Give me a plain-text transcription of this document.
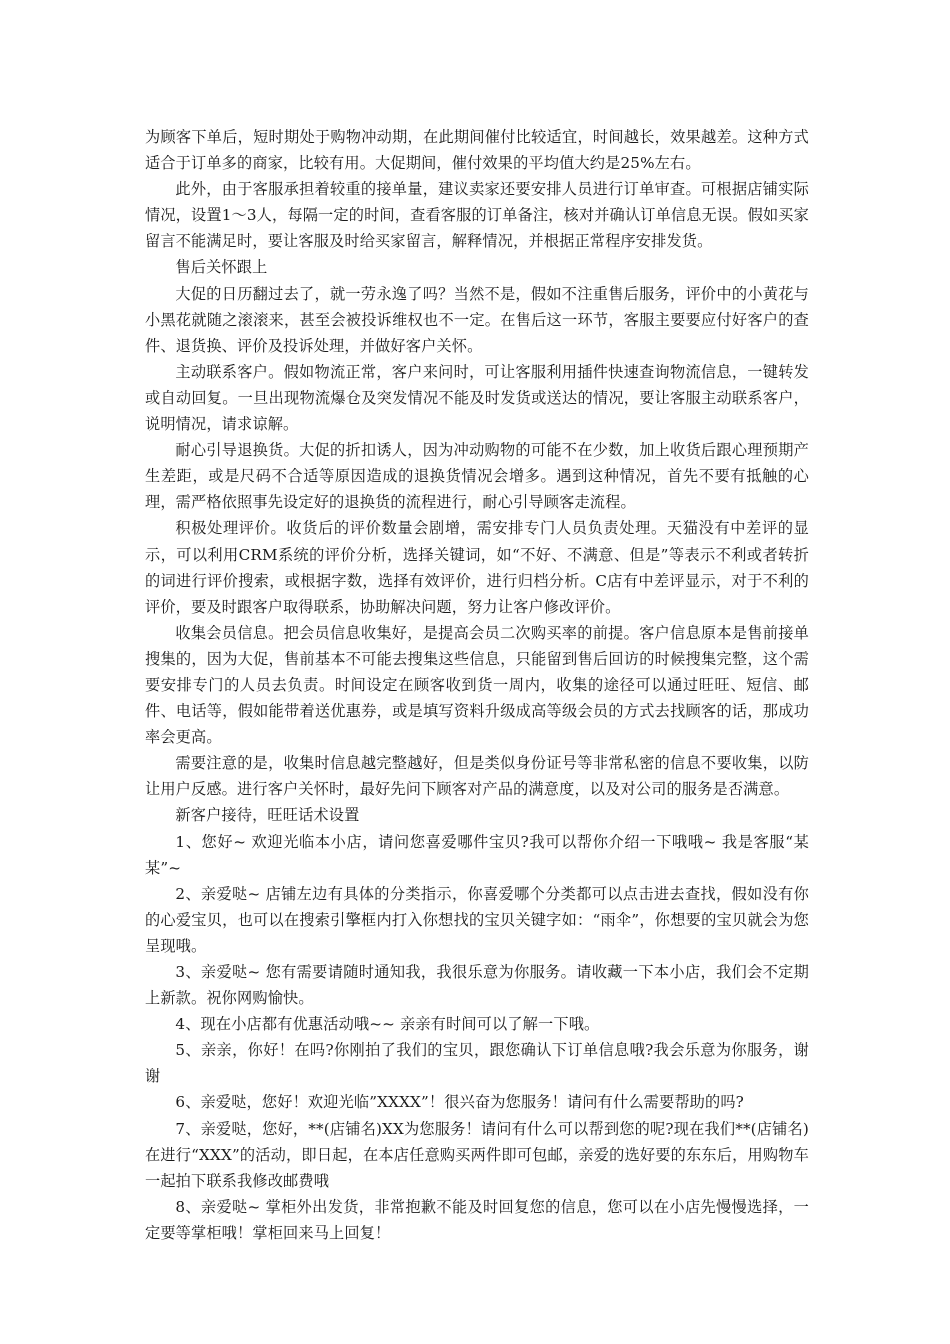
为顾客下单后，短时期处于购物冲动期，在此期间催付比较适宜，时间越长，效果越差。这种方式适合于订单多的商家，比较有用。大促期间，催付效果的平均值大约是25%左右。

此外，由于客服承担着较重的接单量，建议卖家还要安排人员进行订单审查。可根据店铺实际情况，设置1～3人，每隔一定的时间，查看客服的订单备注，核对并确认订单信息无误。假如买家留言不能满足时，要让客服及时给买家留言，解释情况，并根据正常程序安排发货。

售后关怀跟上

大促的日历翻过去了，就一劳永逸了吗？当然不是，假如不注重售后服务，评价中的小黄花与小黑花就随之滚滚来，甚至会被投诉维权也不一定。在售后这一环节，客服主要要应付好客户的查件、退货换、评价及投诉处理，并做好客户关怀。

主动联系客户。假如物流正常，客户来问时，可让客服利用插件快速查询物流信息，一键转发或自动回复。一旦出现物流爆仓及突发情况不能及时发货或送达的情况，要让客服主动联系客户，说明情况，请求谅解。

耐心引导退换货。大促的折扣诱人，因为冲动购物的可能不在少数，加上收货后跟心理预期产生差距，或是尺码不合适等原因造成的退换货情况会增多。遇到这种情况，首先不要有抵触的心理，需严格依照事先设定好的退换货的流程进行，耐心引导顾客走流程。

积极处理评价。收货后的评价数量会剧增，需安排专门人员负责处理。天猫没有中差评的显示，可以利用CRM系统的评价分析，选择关键词，如“不好、不满意、但是”等表示不利或者转折的词进行评价搜索，或根据字数，选择有效评价，进行归档分析。C店有中差评显示，对于不利的评价，要及时跟客户取得联系，协助解决问题，努力让客户修改评价。

收集会员信息。把会员信息收集好，是提高会员二次购买率的前提。客户信息原本是售前接单搜集的，因为大促，售前基本不可能去搜集这些信息，只能留到售后回访的时候搜集完整，这个需要安排专门的人员去负责。时间设定在顾客收到货一周内，收集的途径可以通过旺旺、短信、邮件、电话等，假如能带着送优惠券，或是填写资料升级成高等级会员的方式去找顾客的话，那成功率会更高。

需要注意的是，收集时信息越完整越好，但是类似身份证号等非常私密的信息不要收集，以防让用户反感。进行客户关怀时，最好先问下顾客对产品的满意度，以及对公司的服务是否满意。

新客户接待，旺旺话术设置

1、您好~ 欢迎光临本小店，请问您喜爱哪件宝贝?我可以帮你介绍一下哦哦~ 我是客服“某某”~

2、亲爱哒~ 店铺左边有具体的分类指示，你喜爱哪个分类都可以点击进去查找，假如没有你的心爱宝贝，也可以在搜索引擎框内打入你想找的宝贝关键字如：“雨伞”，你想要的宝贝就会为您呈现哦。

3、亲爱哒~ 您有需要请随时通知我，我很乐意为你服务。请收藏一下本小店，我们会不定期上新款。祝你网购愉快。

4、现在小店都有优惠活动哦~~ 亲亲有时间可以了解一下哦。

5、亲亲，你好！在吗?你刚拍了我们的宝贝，跟您确认下订单信息哦?我会乐意为你服务，谢谢

6、亲爱哒，您好！欢迎光临”XXXX”！很兴奋为您服务！请问有什么需要帮助的吗?

7、亲爱哒，您好，**(店铺名)XX为您服务！请问有什么可以帮到您的呢?现在我们**(店铺名)在进行“XXX”的活动，即日起，在本店任意购买两件即可包邮，亲爱的选好要的东东后，用购物车一起拍下联系我修改邮费哦

8、亲爱哒~ 掌柜外出发货，非常抱歉不能及时回复您的信息，您可以在小店先慢慢选择，一定要等掌柜哦！掌柜回来马上回复！
